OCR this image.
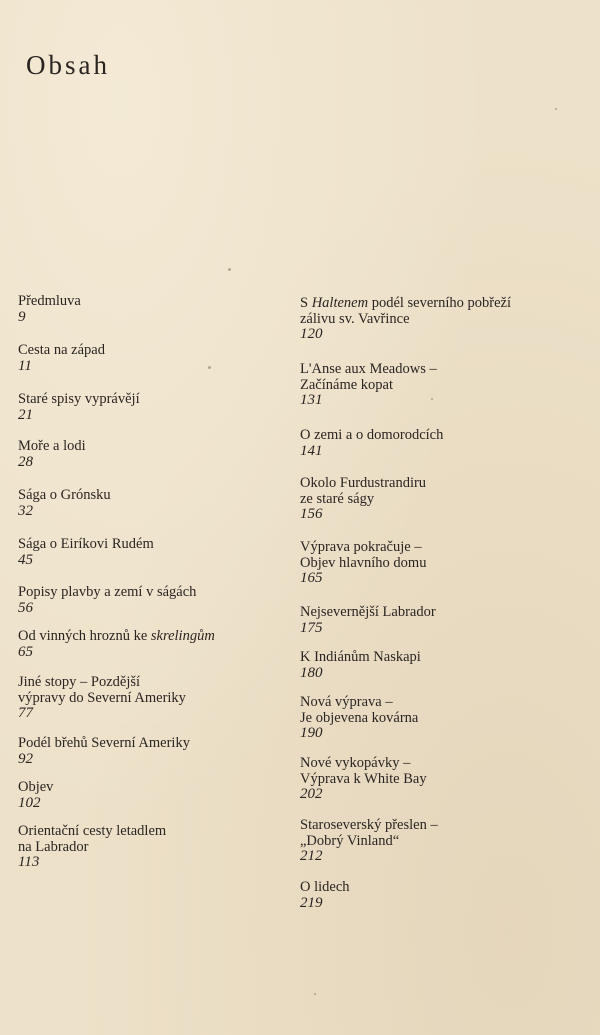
Obsah
Předmluva
9
Cesta na západ
11
Staré spisy vyprávějí
21
Moře a lodi
28
Sága o Grónsku
32
Sága o Eiríkovi Rudém
45
Popisy plavby a zemí v ságách
56
Od vinných hroznů ke skrelingům
65
Jiné stopy – Pozdější
výpravy do Severní Ameriky
77
Podél břehů Severní Ameriky
92
Objev
102
Orientační cesty letadlem
na Labrador
113
S Haltenem podél severního pobřeží
zálivu sv. Vavřince
120
L'Anse aux Meadows –
Začínáme kopat
131
O zemi a o domorodcích
141
Okolo Furdustrandiru
ze staré ságy
156
Výprava pokračuje –
Objev hlavního domu
165
Nejsevernější Labrador
175
K Indiánům Naskapi
180
Nová výprava –
Je objevena kovárna
190
Nové vykopávky –
Výprava k White Bay
202
Staroseverský přeslen –
„Dobrý Vinland“
212
O lidech
219
